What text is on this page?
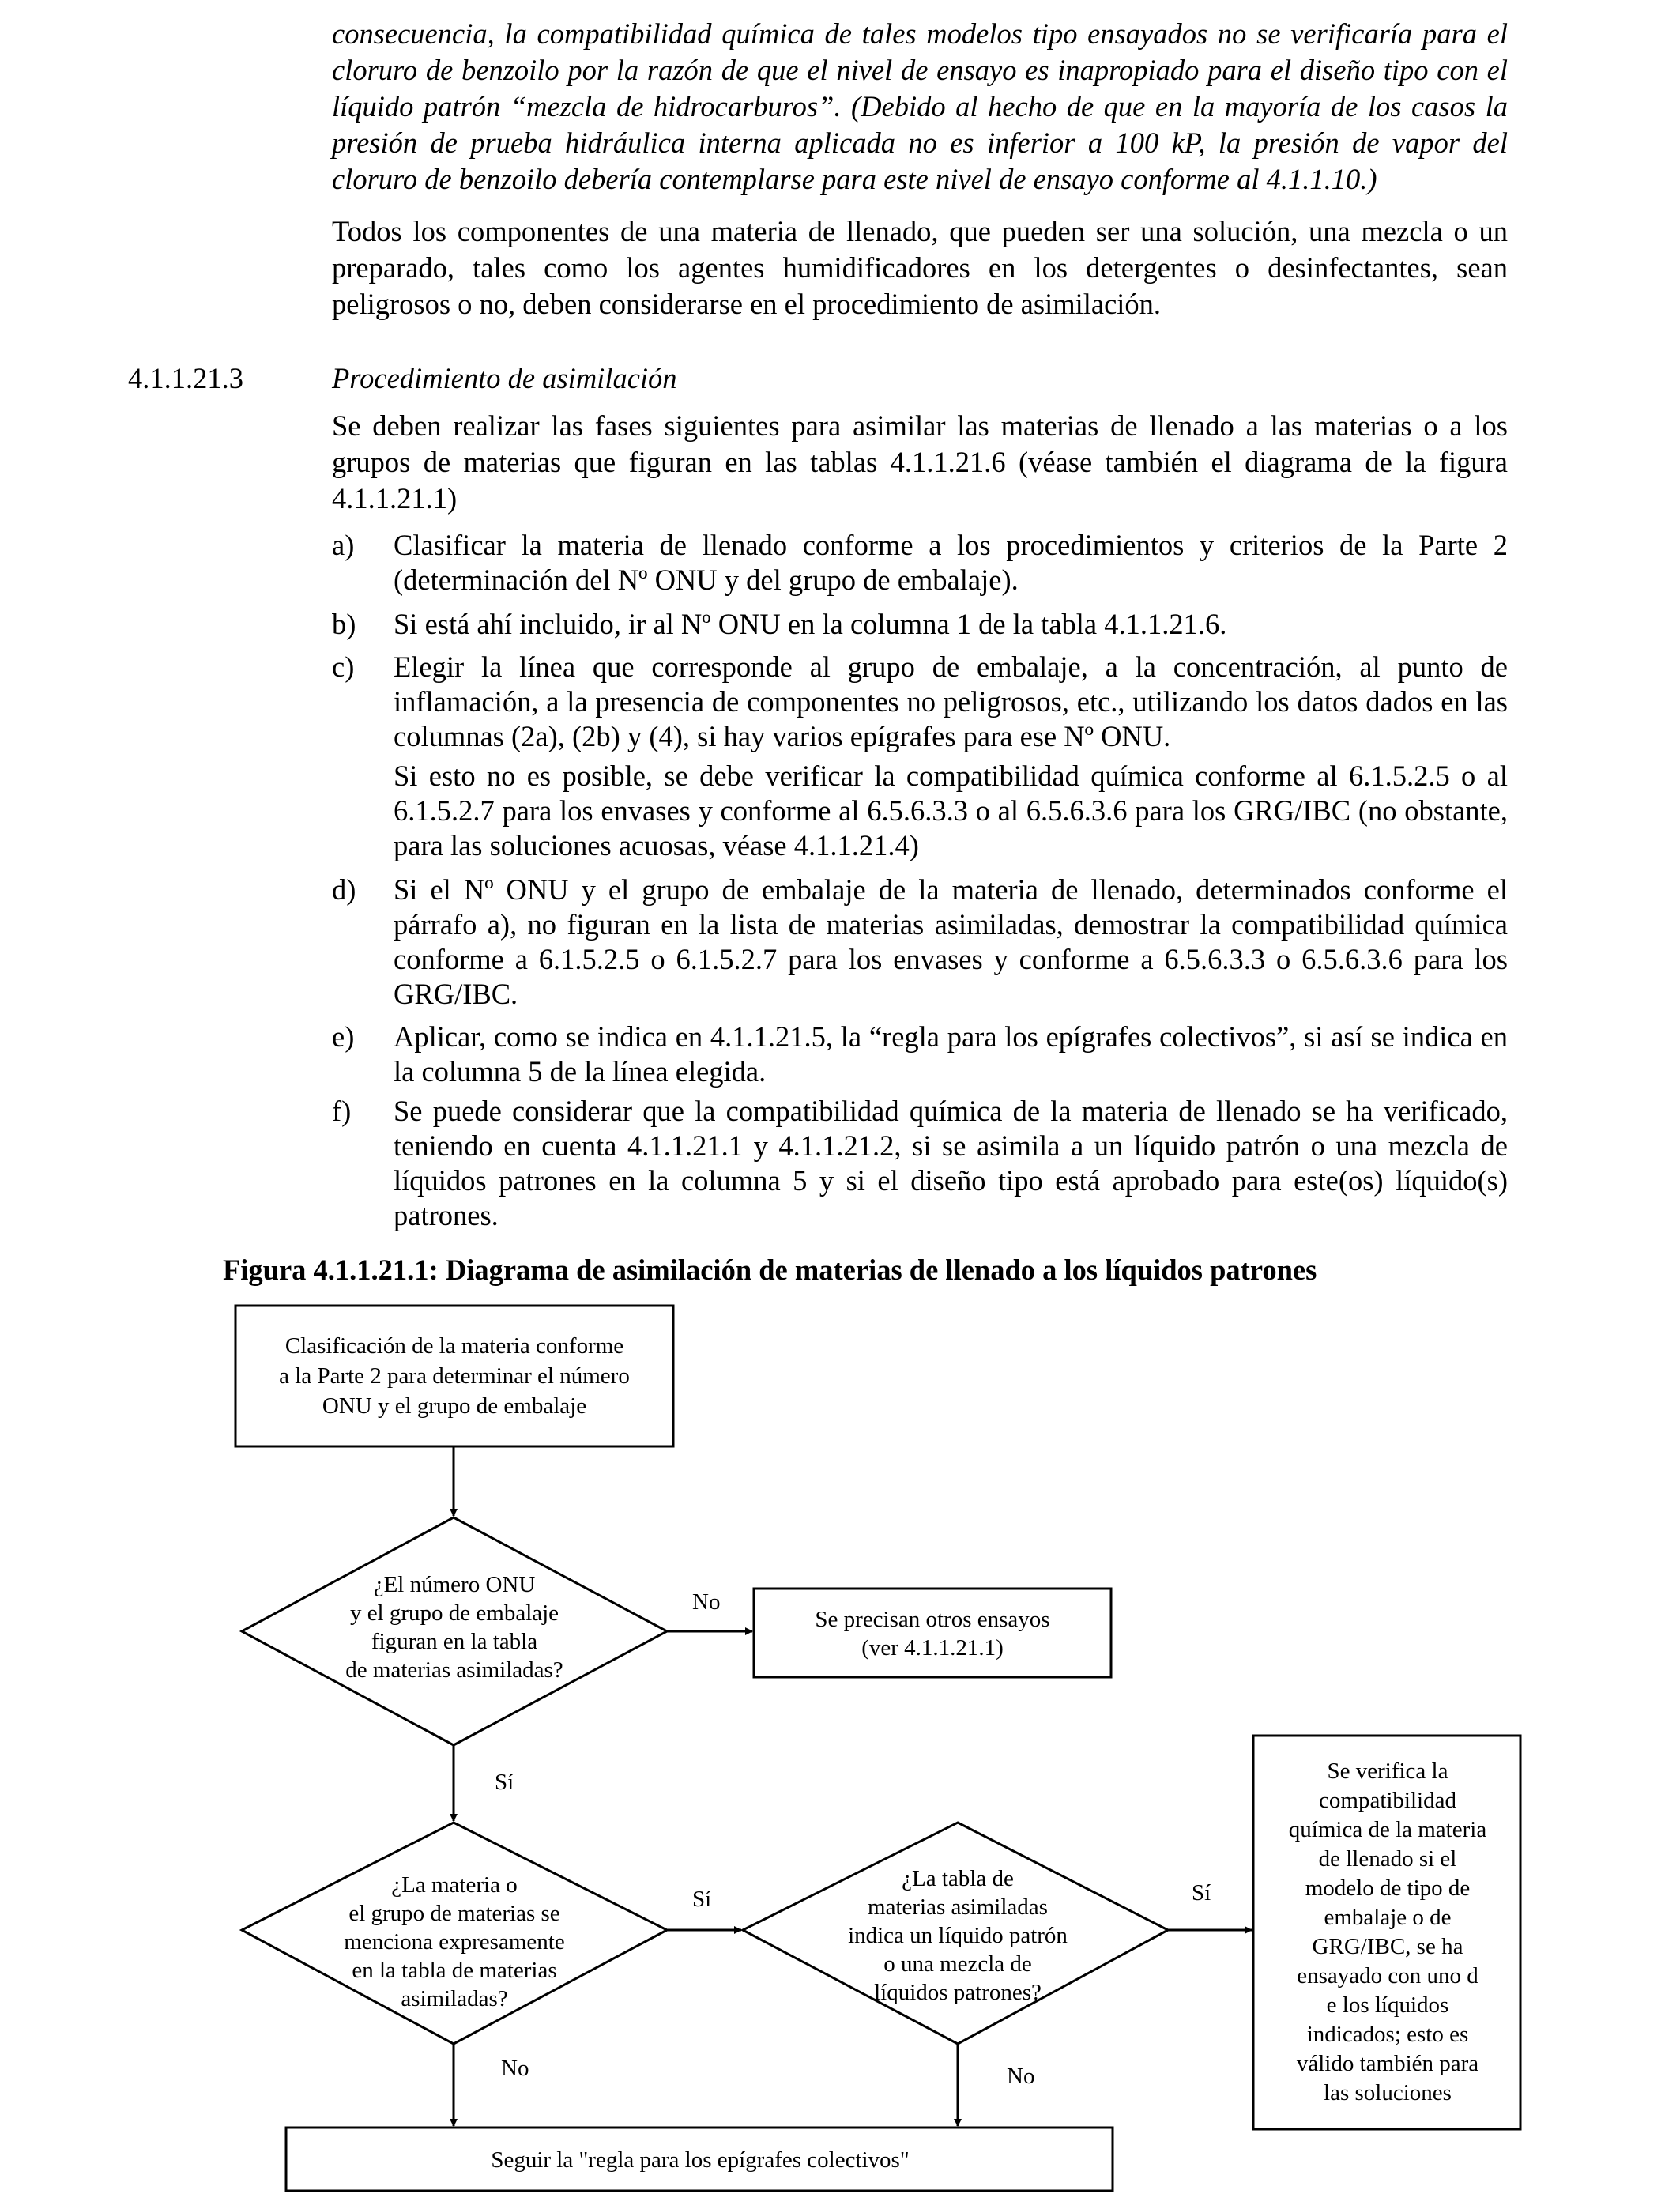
consecuencia, la compatibilidad química de tales modelos tipo ensayados no se verificaría para el cloruro de benzoilo por la razón de que el nivel de ensayo es inapropiado para el diseño tipo con el líquido patrón “mezcla de hidrocarburos”. (Debido al hecho de que en la mayoría de los casos la presión de prueba hidráulica interna aplicada no es inferior a 100 kP, la presión de vapor del cloruro de benzoilo debería contemplarse para este nivel de ensayo conforme al 4.1.1.10.)

Todos los componentes de una materia de llenado, que pueden ser una solución, una mezcla o un preparado, tales como los agentes humidificadores en los detergentes o desinfectantes, sean peligrosos o no, deben considerarse en el procedimiento de asimilación.

4.1.1.21.3	Procedimiento de asimilación

Se deben realizar las fases siguientes para asimilar las materias de llenado a las materias o a los grupos de materias que figuran en las tablas 4.1.1.21.6 (véase también el diagrama de la figura 4.1.1.21.1)

a) Clasificar la materia de llenado conforme a los procedimientos y criterios de la Parte 2 (determinación del Nº ONU y del grupo de embalaje).
b) Si está ahí incluido, ir al Nº ONU en la columna 1 de la tabla 4.1.1.21.6.
c) Elegir la línea que corresponde al grupo de embalaje, a la concentración, al punto de inflamación, a la presencia de componentes no peligrosos, etc., utilizando los datos dados en las columnas (2a), (2b) y (4), si hay varios epígrafes para ese Nº ONU.
Si esto no es posible, se debe verificar la compatibilidad química conforme al 6.1.5.2.5 o al 6.1.5.2.7 para los envases y conforme al 6.5.6.3.3 o al 6.5.6.3.6 para los GRG/IBC (no obstante, para las soluciones acuosas, véase 4.1.1.21.4)
d) Si el Nº ONU y el grupo de embalaje de la materia de llenado, determinados conforme el párrafo a), no figuran en la lista de materias asimiladas, demostrar la compatibilidad química conforme a 6.1.5.2.5 o 6.1.5.2.7 para los envases y conforme a 6.5.6.3.3 o 6.5.6.3.6 para los GRG/IBC.
e) Aplicar, como se indica en 4.1.1.21.5, la “regla para los epígrafes colectivos”, si así se indica en la columna 5 de la línea elegida.
f) Se puede considerar que la compatibilidad química de la materia de llenado se ha verificado, teniendo en cuenta 4.1.1.21.1 y 4.1.1.21.2, si se asimila a un líquido patrón o una mezcla de líquidos patrones en la columna 5 y si el diseño tipo está aprobado para este(os) líquido(s) patrones.

Figura 4.1.1.21.1: Diagrama de asimilación de materias de llenado a los líquidos patrones

Clasificación de la materia conforme
a la Parte 2 para determinar el número
ONU y el grupo de embalaje
¿El número ONU
y el grupo de embalaje
figuran en la tabla
de materias asimiladas?
Se precisan otros ensayos
(ver 4.1.1.21.1)
¿La materia o
el grupo de materias se
menciona expresamente
en la tabla de materias
asimiladas?
¿La tabla de
materias asimiladas
indica un líquido patrón
o una mezcla de
líquidos patrones?
Se verifica la
compatibilidad
química de la materia
de llenado si el
modelo de tipo de
embalaje o de
GRG/IBC, se ha
ensayado con uno d
e los líquidos
indicados; esto es
válido también para
las soluciones
Seguir la "regla para los epígrafes colectivos"
No
Sí
Sí	Sí
No	No
